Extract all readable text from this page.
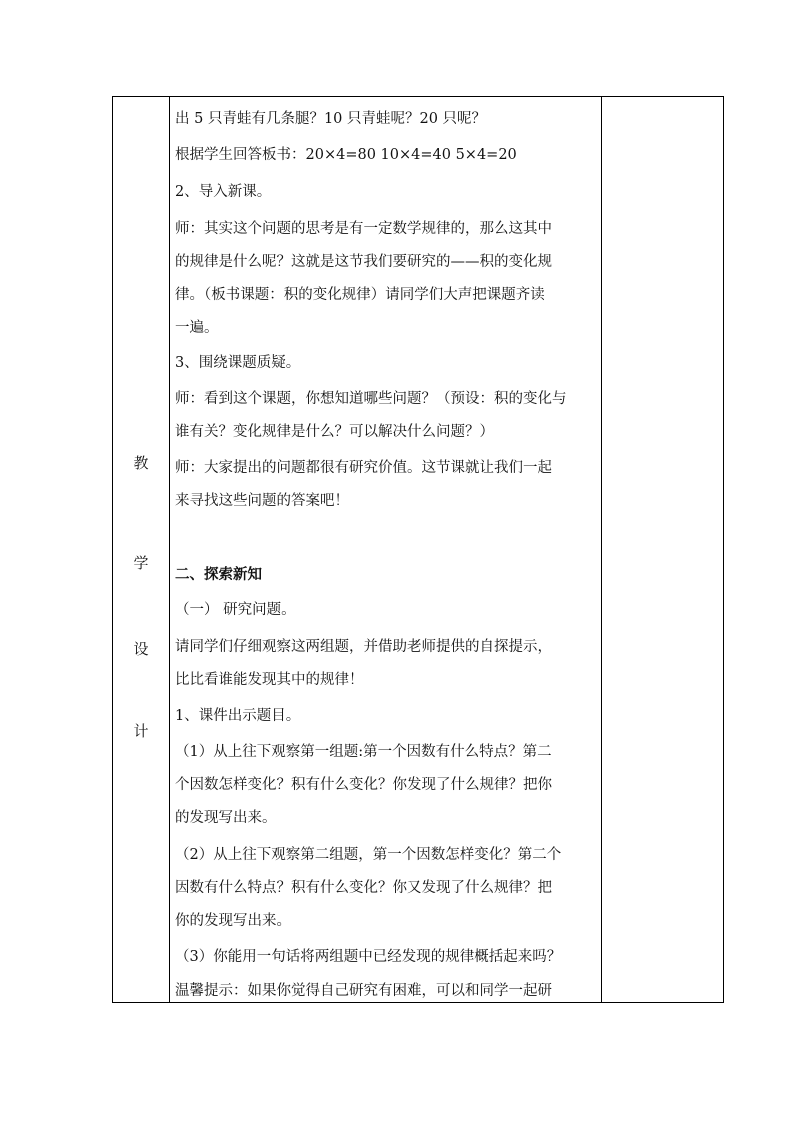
教
学
设
计
出 5 只青蛙有几条腿？10 只青蛙呢？20 只呢？
根据学生回答板书：20×4=80 10×4=40 5×4=20
2、导入新课。
师：其实这个问题的思考是有一定数学规律的，那么这其中
的规律是什么呢？这就是这节我们要研究的——积的变化规
律。（板书课题：积的变化规律）请同学们大声把课题齐读
一遍。
3、围绕课题质疑。
师：看到这个课题，你想知道哪些问题？（预设：积的变化与
谁有关？变化规律是什么？可以解决什么问题？）
师：大家提出的问题都很有研究价值。这节课就让我们一起
来寻找这些问题的答案吧！
二、探索新知
（一） 研究问题。
请同学们仔细观察这两组题，并借助老师提供的自探提示，
比比看谁能发现其中的规律！
1、课件出示题目。
（1）从上往下观察第一组题:第一个因数有什么特点？第二
个因数怎样变化？积有什么变化？你发现了什么规律？把你
的发现写出来。
（2）从上往下观察第二组题，第一个因数怎样变化？第二个
因数有什么特点？积有什么变化？你又发现了什么规律？把
你的发现写出来。
（3）你能用一句话将两组题中已经发现的规律概括起来吗？
温馨提示：如果你觉得自己研究有困难，可以和同学一起研
